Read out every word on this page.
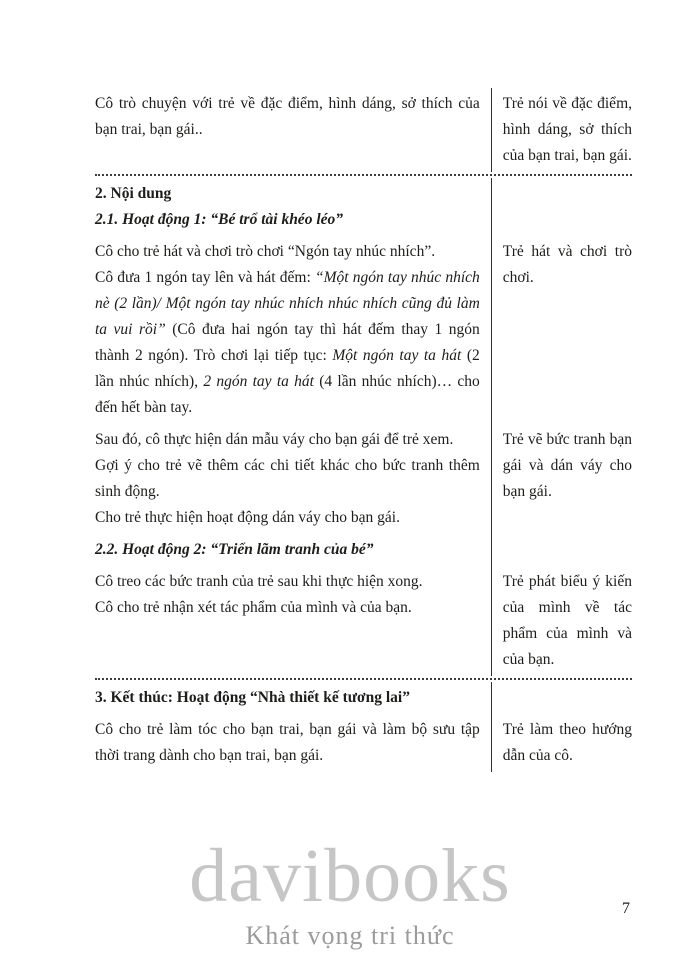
Cô trò chuyện với trẻ về đặc điểm, hình dáng, sở thích của bạn trai, bạn gái..

Trẻ nói về đặc điểm, hình dáng, sở thích của bạn trai, bạn gái.

2. Nội dung

2.1. Hoạt động 1: “Bé trổ tài khéo léo”

Cô cho trẻ hát và chơi trò chơi “Ngón tay nhúc nhích”.

Cô đưa 1 ngón tay lên và hát đếm: “Một ngón tay nhúc nhích nè (2 lần)/ Một ngón tay nhúc nhích nhúc nhích cũng đủ làm ta vui rồi” (Cô đưa hai ngón tay thì hát đếm thay 1 ngón thành 2 ngón). Trò chơi lại tiếp tục: Một ngón tay ta hát (2 lần nhúc nhích), 2 ngón tay ta hát (4 lần nhúc nhích)… cho đến hết bàn tay.

Trẻ hát và chơi trò chơi.

Sau đó, cô thực hiện dán mẫu váy cho bạn gái để trẻ xem.

Gợi ý cho trẻ vẽ thêm các chi tiết khác cho bức tranh thêm sinh động.

Cho trẻ thực hiện hoạt động dán váy cho bạn gái.

Trẻ vẽ bức tranh bạn gái và dán váy cho bạn gái.

2.2. Hoạt động 2: “Triển lãm tranh của bé”

Cô treo các bức tranh của trẻ sau khi thực hiện xong.

Cô cho trẻ nhận xét tác phẩm của mình và của bạn.

Trẻ phát biểu ý kiến của mình về tác phẩm của mình và của bạn.

3. Kết thúc: Hoạt động “Nhà thiết kế tương lai”

Cô cho trẻ làm tóc cho bạn trai, bạn gái và làm bộ sưu tập thời trang dành cho bạn trai, bạn gái.

Trẻ làm theo hướng dẫn của cô.

davibooks
Khát vọng tri thức
7
